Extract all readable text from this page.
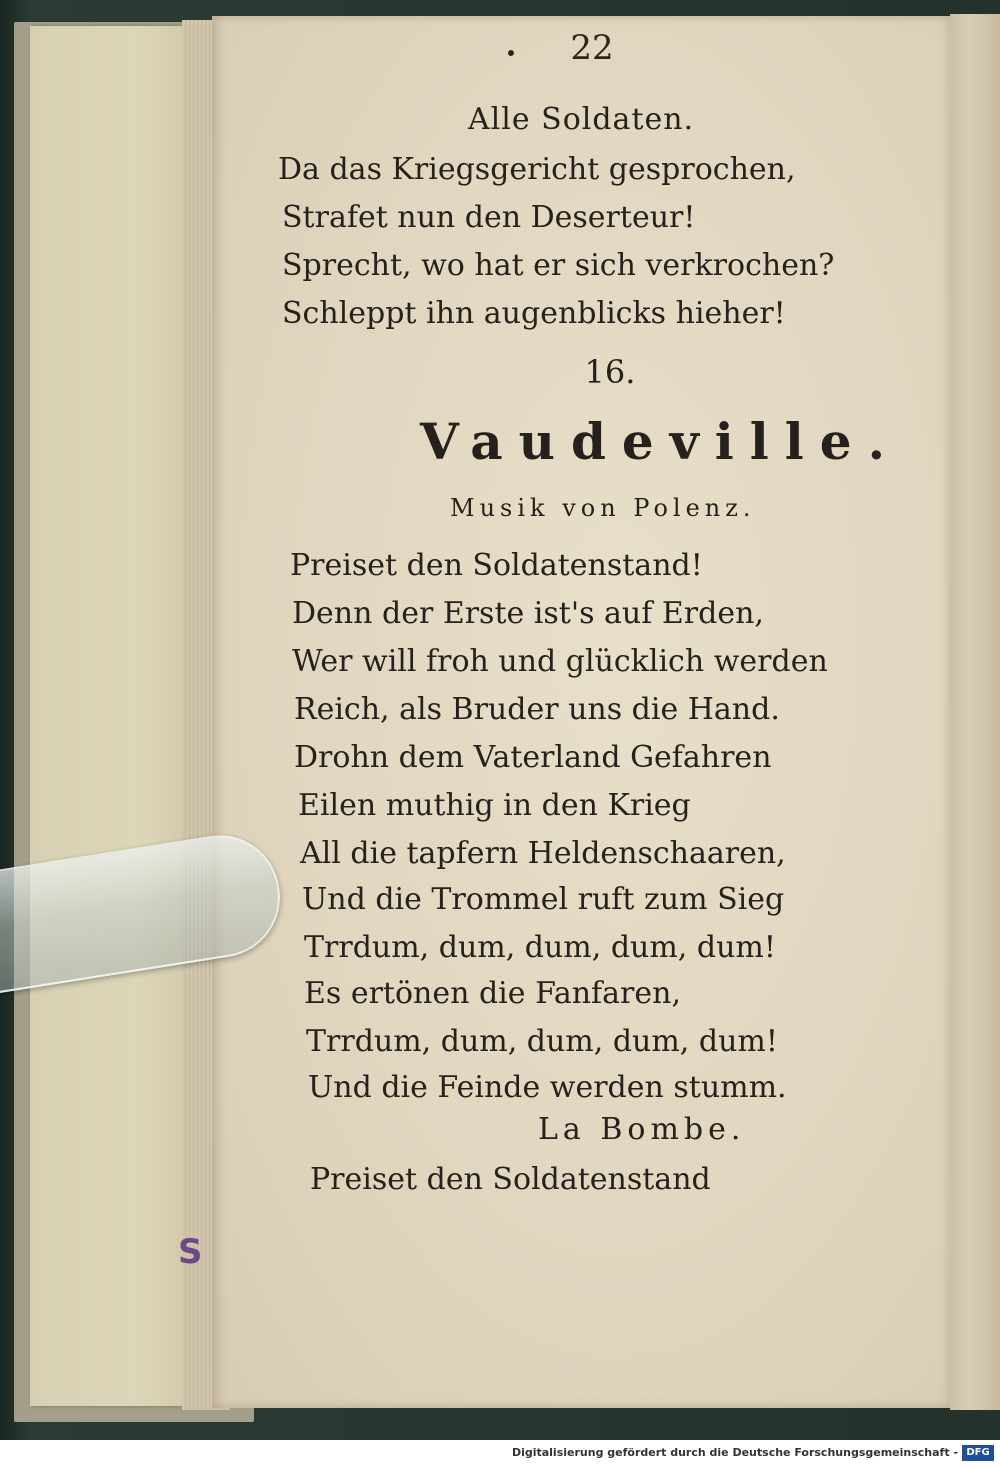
22
Alle Soldaten.
Da das Kriegsgericht gesprochen,
Strafet nun den Deserteur!
Sprecht, wo hat er sich verkrochen?
Schleppt ihn augenblicks hieher!
16.
Vaudeville.
Musik von Polenz.
Preiset den Soldatenstand!
Denn der Erste ist's auf Erden,
Wer will froh und glücklich werden
Reich, als Bruder uns die Hand.
Drohn dem Vaterland Gefahren
Eilen muthig in den Krieg
All die tapfern Heldenschaaren,
Und die Trommel ruft zum Sieg
Trrdum, dum, dum, dum, dum!
Es ertönen die Fanfaren,
Trrdum, dum, dum, dum, dum!
Und die Feinde werden stumm.
La Bombe.
Preiset den Soldatenstand
S
Digitalisierung gefördert durch die Deutsche Forschungsgemeinschaft - DFG
